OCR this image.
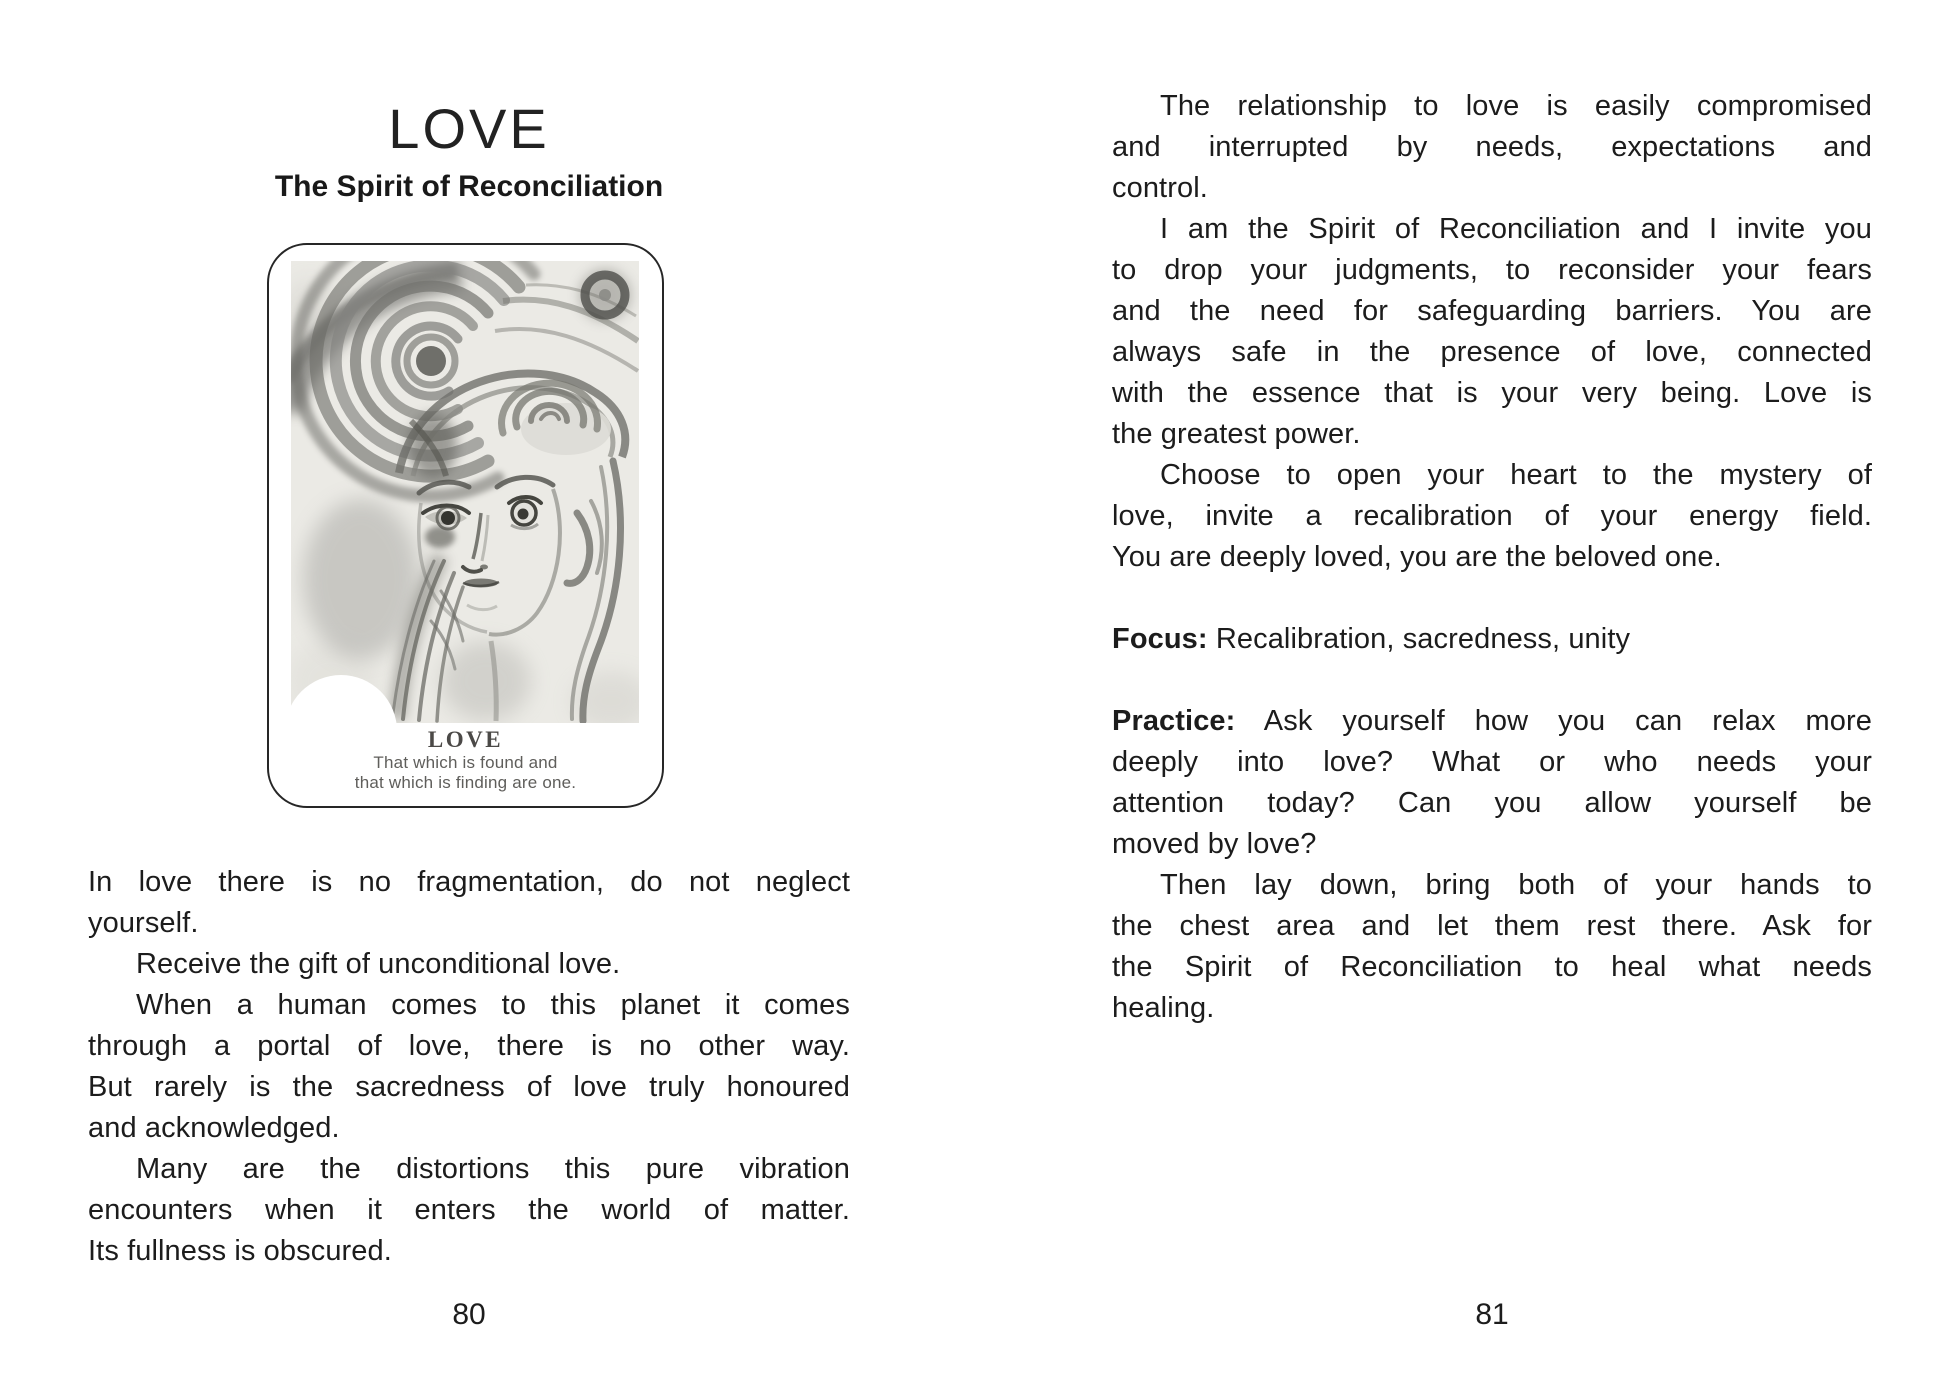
LOVE
The Spirit of Reconciliation
LOVE
That which is found and
that which is finding are one.
In love there is no fragmentation, do not neglect
yourself.
Receive the gift of unconditional love.
When a human comes to this planet it comes
through a portal of love, there is no other way.
But rarely is the sacredness of love truly honoured
and acknowledged.
Many are the distortions this pure vibration
encounters when it enters the world of matter.
Its fullness is obscured.
80
The relationship to love is easily compromised
and interrupted by needs, expectations and
control.
I am the Spirit of Reconciliation and I invite you
to drop your judgments, to reconsider your fears
and the need for safeguarding barriers. You are
always safe in the presence of love, connected
with the essence that is your very being. Love is
the greatest power.
Choose to open your heart to the mystery of
love, invite a recalibration of your energy field.
You are deeply loved, you are the beloved one.
Focus: Recalibration, sacredness, unity
Practice: Ask yourself how you can relax more
deeply into love? What or who needs your
attention today? Can you allow yourself be
moved by love?
Then lay down, bring both of your hands to
the chest area and let them rest there. Ask for
the Spirit of Reconciliation to heal what needs
healing.
81
